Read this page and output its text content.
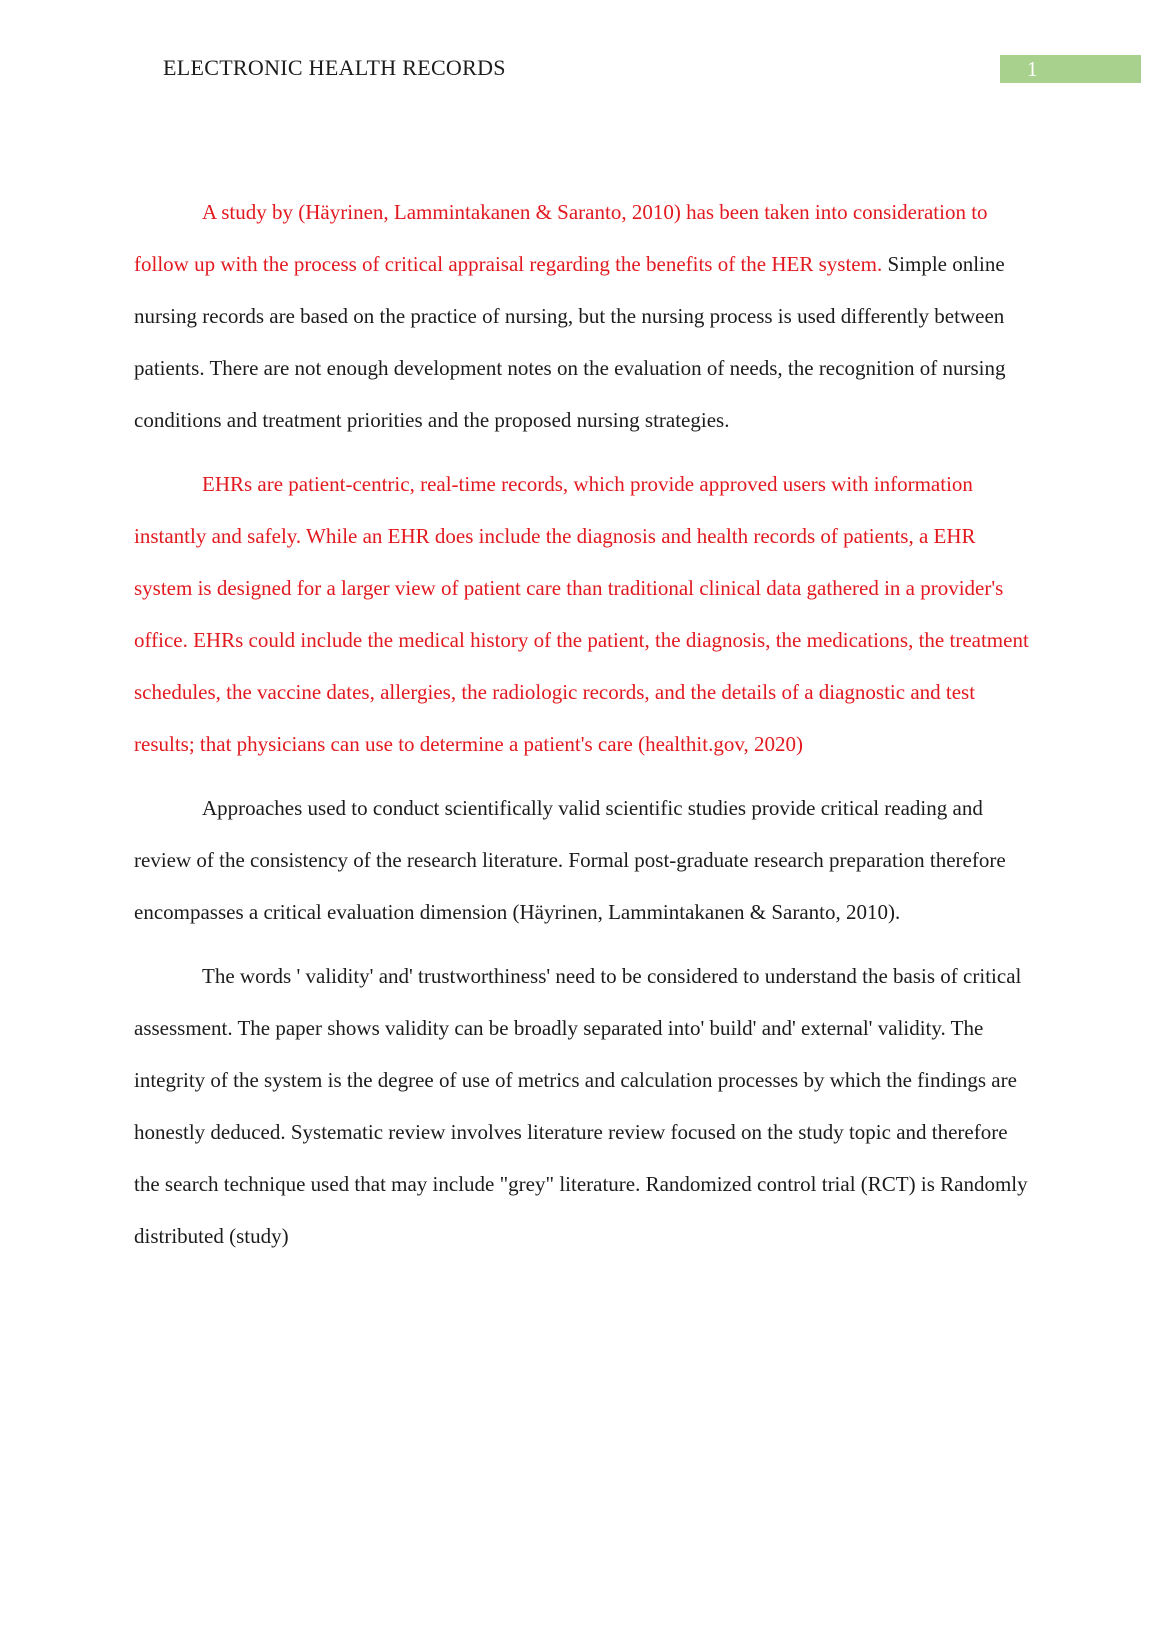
ELECTRONIC HEALTH RECORDS	1

A study by (Häyrinen, Lammintakanen & Saranto, 2010) has been taken into consideration to follow up with the process of critical appraisal regarding the benefits of the HER system. Simple online nursing records are based on the practice of nursing, but the nursing process is used differently between patients. There are not enough development notes on the evaluation of needs, the recognition of nursing conditions and treatment priorities and the proposed nursing strategies.

EHRs are patient-centric, real-time records, which provide approved users with information instantly and safely. While an EHR does include the diagnosis and health records of patients, a EHR system is designed for a larger view of patient care than traditional clinical data gathered in a provider's office. EHRs could include the medical history of the patient, the diagnosis, the medications, the treatment schedules, the vaccine dates, allergies, the radiologic records, and the details of a diagnostic and test results; that physicians can use to determine a patient's care (healthit.gov, 2020)

Approaches used to conduct scientifically valid scientific studies provide critical reading and review of the consistency of the research literature. Formal post-graduate research preparation therefore encompasses a critical evaluation dimension (Häyrinen, Lammintakanen & Saranto, 2010).

The words ' validity' and' trustworthiness' need to be considered to understand the basis of critical assessment. The paper shows validity can be broadly separated into' build' and' external' validity. The integrity of the system is the degree of use of metrics and calculation processes by which the findings are honestly deduced. Systematic review involves literature review focused on the study topic and therefore the search technique used that may include "grey" literature. Randomized control trial (RCT) is Randomly distributed (study)
